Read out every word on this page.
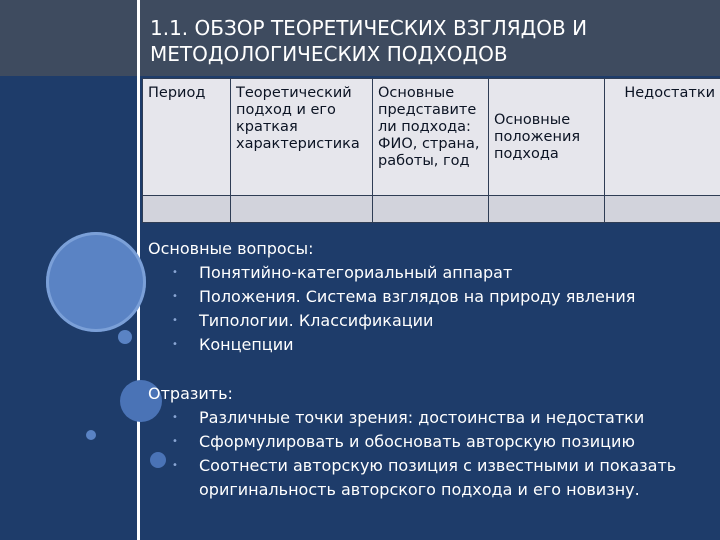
1.1. ОБЗОР ТЕОРЕТИЧЕСКИХ ВЗГЛЯДОВ И
МЕТОДОЛОГИЧЕСКИХ ПОДХОДОВ
Период	Теоретический подход и его краткая характеристика	Основные представите ли подхода: ФИО, страна, работы, год	Основные положения подхода	Недостатки

Основные вопросы:
• Понятийно-категориальный аппарат
• Положения. Система взглядов на природу явления
• Типологии. Классификации
• Концепции
Отразить:
• Различные точки зрения: достоинства и недостатки
• Сформулировать и обосновать авторскую позицию
• Соотнести авторскую позиция с известными и показать оригинальность авторского подхода и его новизну.
